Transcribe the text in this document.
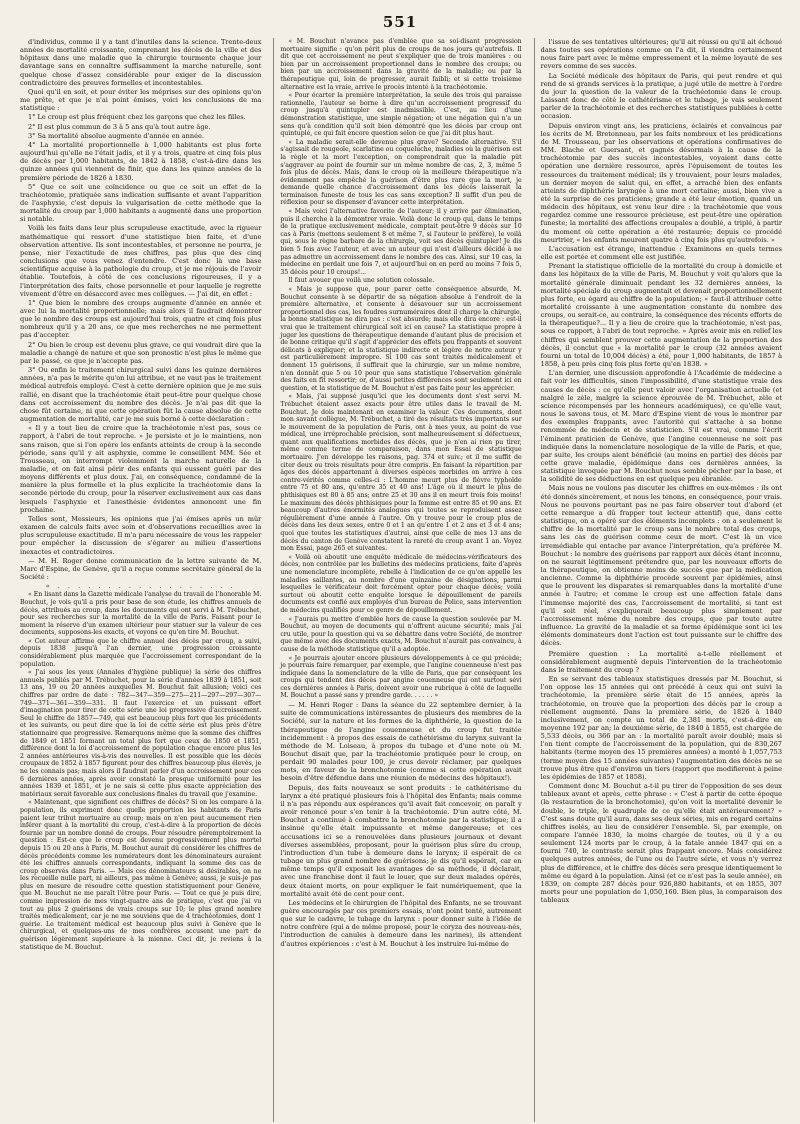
551

d'individus, comme il y a tant d'inutiles dans la science. Trente-deux années de mortalité croissante, comprenant les décès de la ville et des hôpitaux dans une maladie que la chirurgie tourmente chaque jour davantage sans en connaître suffisamment la marche naturelle, sont quelque chose d'assez considérable pour exiger de la discussion contradictoire des preuves formelles et incontestables.

Quoi qu'il en soit, et pour éviter les méprises sur des opinions qu'on me prête, et que je n'ai point émises, voici les conclusions de ma statistique :

1° Le croup est plus fréquent chez les garçons que chez les filles.

2° Il est plus commun de 3 à 5 ans qu'à tout autre âge.

3° Sa mortalité absolue augmente d'année en année.

4° La mortalité proportionnelle à 1,000 habitants est plus forte aujourd'hui qu'elle ne l'était jadis, et il y a trois, quatre et cinq fois plus de décès par 1,000 habitants, de 1842 à 1858, c'est-à-dire dans les quinze années qui viennent de finir, que dans les quinze années de la première période de 1826 à 1830.

5° Que ce soit une coïncidence ou que ce soit un effet de la trachéotomie, pratiquée sans indication suffisante et avant l'apparition de l'asphyxie, c'est depuis la vulgarisation de cette méthode que la mortalité du croup par 1,000 habitants a augmenté dans une proportion si notable.

Voilà les faits dans leur plus scrupuleuse exactitude, avec la rigueur mathématique qui ressort d'une statistique bien faite, et d'une observation attentive. Ils sont incontestables, et personne ne pourra, je pense, nier l'exactitude de mes chiffres, pas plus que des cinq conclusions que vous venez d'entendre. C'est donc là une base scientifique acquise à la pathologie du croup, et je me réjouis de l'avoir établie. Toutefois, à côté de ces conclusions rigoureuses, il y a l'interprétation des faits, chose personnelle et pour laquelle je regrette vivement d'être en désaccord avec mes collègues. — J'ai dit, en effet :

1° Que bien le nombre des croups augmente d'année en année et avec lui la mortalité proportionnelle; mais alors il faudrait démontrer que le nombre des croups est aujourd'hui trois, quatre et cinq fois plus nombreux qu'il y a 20 ans, ce que mes recherches ne me permettent pas d'accepter.

2° Ou bien le croup est devenu plus grave, ce qui voudrait dire que la maladie a changé de nature et que son pronostic n'est plus le même que par le passé, ce que je n'accepte pas.

3° Ou enfin le traitement chirurgical suivi dans les quinze dernières années, n'a pas le mérite qu'on lui attribue, et ne vaut pas le traitement médical autrefois employé. C'est à cette dernière opinion que je me suis rallié, en disant que la trachéotomie était peut-être pour quelque chose dans cet accroissement du nombre des décès. Je n'ai pas dit que la chose fût certaine, ni que cette opération fût la cause absolue de cette augmentation de mortalité, car je me suis borné à cette déclaration :

« Il y a tout lieu de croire que la trachéotomie n'est pas, sous ce rapport, à l'abri de tout reproche. » Je persiste et je le maintiens, non sans raison, que si l'on opère les enfants atteints de croup à la seconde période, sans qu'il y ait asphyxie, comme le conseillent MM. Sée et Trousseau, on interrompt violemment la marche naturelle de la maladie, et on fait ainsi périr des enfants qui eussent guéri par des moyens différents et plus doux. J'ai, en conséquence, condamné de la manière la plus formelle et la plus explicite la trachéotomie dans la seconde période du croup, pour la réserver exclusivement aux cas dans lesquels l'asphyxie et l'anesthésie évidentes annoncent une fin prochaine.

Telles sont, Messieurs, les opinions que j'ai émises après un mûr examen de calculs faits avec soin et d'observations recueillies avec la plus scrupuleuse exactitude. Il m'a paru nécessaire de vous les rappeler pour empêcher la discussion de s'égarer au milieu d'assertions inexactes et contradictoires.

— M. H. Roger donne communication de la lettre suivante de M. Marc d'Espine, de Genève, qu'il a reçue comme secrétaire général de la Société :

« . . . . . . . . . . . . . . . . . .

« En lisant dans la Gazette médicale l'analyse du travail de l'honorable M. Bouchut, je vois qu'il a pris pour base de son étude, les chiffres annuels de décès, attribués au croup, dans les documents qui ont servi à M. Trébuchet, pour ses recherches sur la mortalité de la ville de Paris. Faisant pour le moment la réserve d'un examen ultérieur pour statuer sur la valeur de ces documents, supposons-les exacts, et voyons ce qu'en tire M. Bouchut.

« Cet auteur affirme que le chiffre annuel des décès par croup, a suivi, depuis 1838 jusqu'à l'an dernier, une progression croissante considérablement plus marquée que l'accroissement correspondant de la population.

« J'ai sous les yeux (Annales d'hygiène publique) la série des chiffres annuels publiés par M. Trébuchet, pour la série d'années 1839 à 1851, soit 13 ans, 19 ou 20 années auxquelles M. Bouchut fait allusion; voici ces chiffres par ordre de date : 782—347—359—275—211—297—297—307—749—371—361—359—331. Il faut l'exercice et un puissant effort d'imagination pour tirer de cette série une loi progressive d'accroissement. Seul le chiffre de 1857—749, qui est beaucoup plus fort que les précédents et les suivants, ou peut dire que la loi de cette série est plus près d'être stationnaire que progressive. Remarquons même que la somme des chiffres de 1849 et 1851 formant un total plus fort que ceux de 1850 et 1851, différence dont la loi d'accroissement de population chaque encore plus les 2 années antérieures vis-à-vis des nouvelles. Il est possible que les décès croupaux de 1852 à 1857 figurent pour des chiffres beaucoup plus élevés, je ne les connais pas; mais alors il faudrait parler d'un accroissement pour ces 6 dernières années, après avoir constaté la presque uniformité pour les années 1839 et 1851, et je ne sais si cette plus exacte appréciation des matériaux serait favorable aux conclusions finales du travail que j'examine.

« Maintenant, que signifient ces chiffres de décès? Si on les compare à la population, ils expriment donc quelle proportion les habitants de Paris paient leur tribut mortuaire au croup; mais on n'en peut aucunement rien inférer quant à la mortalité du croup, c'est-à-dire à la proportion de décès fournie par un nombre donné de croups. Pour résoudre péremptoirement la question : Est-ce que le croup est devenu progressivement plus mortel depuis 15 ou 20 ans à Paris, M. Bouchut aurait dû considérer les chiffres de décès précédents comme les numérateurs dont les dénominateurs auraient été les chiffres annuels correspondants, indiquant la somme des cas de croup observés dans Paris. — Mais ces dénominateurs si désirables, on ne les recueille nulle part, ni ailleurs, pas même à Genève; aussi, je suis-je pas plus en mesure de résoudre cette question statistiquement pour Genève, que M. Bouchut ne me paraît l'être pour Paris. — Tout ce que je puis dire, comme impression de mes vingt-quatre ans de pratique, c'est que j'ai vu tout au plus 2 guérisons de vrais croups sur 10; le plus grand nombre traités médicalement, car je ne me souviens que de 4 trachéotomies, dont 1 guérie. Le traitement médical est beaucoup plus suivi à Genève que le chirurgical, et quelques-uns de mes confrères accusent une part de guérison légèrement supérieure à la mienne. Ceci dit, je reviens à la statistique de M. Bouchut.

« M. Bouchut n'avance pas d'emblée que sa soi-disant progression mortuaire signifie : qu'on périt plus de croups de nos jours qu'autrefois. Il dit que cet accroissement ne peut s'expliquer que de trois manières : ou bien par un accroissement proportionnel dans le nombre des croups; ou bien par un accroissement dans la gravité de la maladie; ou par la thérapeutique qui, loin de progresser, aurait faibli; et si cette troisième alternative est la vraie, arrive le procès intenté à la trachéotomie.

« Pour écarter la première interprétation, la seule des trois qui paraisse rationnelle, l'auteur se borne à dire qu'un accroissement progressif du croup jusqu'à quintupler est inadmissible. C'est, au lieu d'une démonstration statistique, une simple négation; et une négation qui n'a un sens qu'à condition qu'il soit bien démontré que les décès par croup ont quintuplé, ce qui fait encore question selon ce que j'ai dit plus haut.

« La maladie serait-elle devenue plus grave? Seconde alternative. S'il s'agissait de rougeole, scarlatine ou coqueluche, maladies où la guérison est la règle et la mort l'exception, on comprendrait que la maladie pût s'aggraver au point de fournir sur un même nombre de cas, 2, 3, même 5 fois plus de décès. Mais, dans le croup où la meilleure thérapeutique n'a évidemment pas empêché la guérison d'être plus rare que la mort, je demande quelle chance d'accroissement dans les décès laisserait la terminaison funeste de tous les cas sans exception? Il suffit d'un peu de réflexion pour se dispenser d'avancer cette interprétation.

« Mais voici l'alternative favorite de l'auteur; il y arrive par élimination, puis il cherche à la démontrer vraie. Voilà donc le croup qui, dans le temps de la pratique exclusivement médicale, comptait peut-être 9 décès sur 10 cas à Paris (mettons seulement 8 et même 7, si l'auteur le préfère), le voilà qui, sous le règne barbare de la chirurgie, voit ses décès quintupler! Je dis bien 5 fois avec l'auteur, et avec un auteur qui n'est d'ailleurs décidé à ne pas admettre un accroissement dans le nombre des cas. Ainsi, sur 10 cas, la médecine en perdait une fois 7, et aujourd'hui on en perd au moins 7 fois 5, 35 décès pour 10 croups!...

Il faut avouer que voilà une solution colossale.

« Mais je suppose que, pour parer cette conséquence absurde, M. Bouchut consente à se départir de sa négation absolue à l'endroit de la première alternative, et consente à désavouer sur un accroissement proportionnel des cas, les foudres surnuméraires dont il charge la chirurgie, la bonne statistique ne dira pas : c'est absurde; mais elle dira encore : est-il vrai que le traitement chirurgical soit ici en cause? La statistique propre à juger les questions de thérapeutique demande d'autant plus de précision et de bonne critique qu'il s'agit d'apprécier des effets peu frappants et souvent délicats à expliquer; et la statistique indirecte et légère de notre auteur y est particulièrement impropre. Si 100 cas sont traités médicalement et donnent 15 guérisons, il suffirait que la chirurgie, sur un même nombre, n'en donnât que 5 ou 10 pour que sans statistique l'observation générale des faits en fît ressortir; or, d'aussi petites différences sont seulement ici en question, et la statistique de M. Bouchut n'est pas faite pour les apprécier.

« Mais, j'ai supposé jusqu'ici que les documents dont s'est servi M. Trébuchet étaient assez exacts pour être utiles dans le travail de M. Bouchut. Je dois maintenant en examiner la valeur. Ces documents, dont mon savant collègue, M. Trébuchet, a tiré des résultats très importants sur le mouvement de la population de Paris, ont à mes yeux, au point de vue médical, une irréprochable précision, sont malheureusement si défectueux, quant aux qualifications morbides des décès, que je n'en ai rien pu tirer, même comme terme de comparaison, dans mon Essai de statistique mortuaire. J'en développe les raisons, pag. 374 et suiv.; et il me suffit de citer deux ou trois résultats pour être compris. En faisant la répartition par âges des décès appartenant à diverses espèces morbides on arrive à ces contre-vérités comme celles-ci : L'homme meurt plus de fièvre typhoïde entre 75 et 80 ans, qu'entre 35 et 40 ans! L'âge où il meurt le plus de phthisiques est 80 à 85 ans; entre 25 et 30 ans il en meurt trois fois moins! Le maximum des décès phthisiques pour la femme est entre 85 et 90 ans. Et beaucoup d'autres énormités analogues qui toutes se reproduisent assez régulièrement d'une année à l'autre. On y trouve pour le croup plus de décès dans les deux sexes, entre 0 et 1 an qu'entre 1 et 2 ans et 3 et 4 ans; quoi que toutes les statistiques d'autrui, ainsi que celle de mes 13 ans de décès du canton de Genève constatent la rareté du croup avant 1 an. Voyez mon Essai, page 265 et suivantes.

« Voilà où aboutit une enquête médicale de médecins-vérificateurs des décès, non contrôlée par les bulletins des médecins praticiens, faite d'après une nomenclature incomplète, rebelle à l'indication de ce qu'on appelle les maladies saillantes, au nombre d'une quinzaine de désignations, parmi lesquelles le vérificateur doit forcément opter pour chaque décès; voilà surtout où aboutit cette enquête lorsque le dépouillement de pareils documents est confié aux employés d'un bureau de Police, sans intervention de médecins qualifiés pour ce genre de dépouillement.

« J'aurais pu mettre d'emblée hors de cause la question soulevée par M. Bouchut, au moyen de documents qui n'offrent aucune sécurité; mais j'ai cru utile, pour la question qui va se débattre dans votre Société, de montrer que même avec des documents exacts, M. Bouchut n'aurait pas convaincu, à cause de la méthode statistique qu'il a adoptée.

« Je pourrais ajouter encore plusieurs développements à ce qui précède; je pourrais faire remarquer, par exemple, que l'angine couenneuse n'est pas indiquée dans la nomenclature de la ville de Paris, que par conséquent les croups qui tendent des décès par angine couenneuse qui ont surtout sévi ces dernières années à Paris, doivent avoir une rubrique à côté de laquelle M. Bouchut a passé sans y prendre garde. . . . . . »

— M. Henri Roger : Dans la séance du 22 septembre dernier, à la suite de communications intéressantes de plusieurs des membres de la Société, sur la nature et les formes de la diphthérie, la question de la thérapeutique de l'angine couenneuse et du croup fut traitée incidemment : à propos des essais de cathétérisme du larynx suivant la méthode de M. Loiseau, à propos du tubage et d'une note où M. Bouchut disait que, par la trachéotomie pratiquée pour le croup, on perdait 90 malades pour 100, je crus devoir réclamer, par quelques mots, en faveur de la bronchotomie (comme si cette opération avait besoin d'être défendue dans une réunion de médecins des hôpitaux!).

Depuis, des faits nouveaux se sont produits : le cathétérisme du larynx a été pratiqué plusieurs fois à l'hôpital des Enfants; mais comme il n'a pas répondu aux espérances qu'il avait fait concevoir, on paraît y avoir renoncé pour s'en tenir à la trachéotomie. D'un autre côté, M. Bouchut a continué à combattre la bronchotomie par la statistique; il a insinué qu'elle était impuissante et même dangereuse; et ces accusations ici se a renouvelées dans plusieurs journaux et devant diverses assemblées, proposant, pour la guérison plus sûre du croup, l'introduction d'un tube à demeure dans le larynx; il espérait de ce tubage un plus grand nombre de guérisons; je dis qu'il espérait, car en même temps qu'il exposait les avantages de sa méthode, il déclarait, avec une franchise dont il faut le louer, que sur deux malades opérés, deux étaient morts, on pour expliquer le fait numériquement, que la mortalité avait été de cent pour cent.

Les médecins et le chirurgien de l'hôpital des Enfants, ne se trouvant guère encouragés par ces premiers essais, n'ont point tenté, autrement que sur le cadavre, le tubage du larynx : pour donner suite à l'idée de notre confrère (qui a de même proposé, pour le coryza des nouveau-nés, l'introduction de canules à demeure dans les narines), ils attendent d'autres expériences : c'est à M. Bouchut à les instruire lui-même de

l'issue de ses tentatives ultérieures; qu'il ait réussi ou qu'il ait échoué dans toutes ses opérations comme on l'a dit, il viendra certainement nous faire part avec le même empressement et la même loyauté de ses revers comme de ses succès.

La Société médicale des hôpitaux de Paris, qui peut rendre et qui rend de si grands services à la pratique, a jugé utile de mettre à l'ordre du jour la question de la valeur de la trachéotomie dans le croup. Laissant donc de côté le cathétérisme et le tubage, je vais seulement parler de la trachéotomie et des recherches statistiques publiées à cette occasion.

Depuis environ vingt ans, les praticiens, éclairés et convaincus par les écrits de M. Bretonneau, par les faits nombreux et les prédications de M. Trousseau, par les observations et opérations confirmatives de MM. Blache et Guersant, et gagnés désormais à la cause de la trachéotomie par des succès incontestables, voyaient dans cette opération une dernière ressource, après l'épuisement de toutes les ressources du traitement médical; ils y trouvaient, pour leurs malades, un dernier moyen de salut qui, en effet, a arraché bien des enfants atteints de diphthérie laryngée à une mort certaine; aussi, bien vive a été la surprise de ces praticiens; grande a été leur émotion, quand un médecin des hôpitaux, est venu leur dire : la trachéotomie que vous regardez comme une ressource précieuse, est peut-être une opération funeste; la mortalité des affections croupales a doublé, a triplé, à partir du moment où cette opération a été restaurée; depuis ce procédé meurtrier, « les enfants meurent quatre à cinq fois plus qu'autrefois. »

L'accusation est étrange, inattendue : Examinons en quels termes elle est portée et comment elle est justifiée.

Prenant la statistique officielle de la mortalité du croup à domicile et dans les hôpitaux de la ville de Paris, M. Bouchut y voit qu'alors que la mortalité générale diminuait pendant les 32 dernières années, la mortalité spéciale du croup augmentait et devenait proportionnellement plus forte, eu égard au chiffre de la population; « faut-il attribuer cette mortalité croissante à une augmentation constante du nombre des croups, ou serait-ce, au contraire, la conséquence des récents efforts de la thérapeutique?... Il y a lieu de croire que la trachéotomie, n'est pas, sous ce rapport, à l'abri de tout reproche. » Après avoir mis en relief les chiffres qui semblent prouver cette augmentation de la proportion des décès, il conclut que « la mortalité par le croup (32 années avaient fourni un total de 10,004 décès) a été, pour 1,000 habitants, de 1857 à 1858, à peu près cinq fois plus forte qu'en 1838. »

L'an dernier, une discussion approfondie à l'Académie de médecine a fait voir les difficultés, sinon l'impossibilité, d'une statistique vraie des causes de décès : ce qu'elle peut valoir avec l'organisation actuelle (et malgré le zèle, malgré la science éprouvée de M. Trébuchet, zèle et science récompensés par les honneurs académiques), ce qu'elle vaut, nous le savons tous, et M. Marc d'Espine vient de vous le montrer par des exemples frappants, avec l'autorité qui s'attache à sa bonne renommée de médecin et de statisticien. S'il est vrai, comme l'écrit l'éminent praticien de Genève, que l'angine couenneuse ne soit pas indiquée dans la nomenclature nosologique de la ville de Paris, et que, par suite, les croups aient bénéficié (au moins en partie) des décès par cette grave maladie, épidémique dans ces dernières années, la statistique invoquée par M. Bouchut nous semble pécher par la base, et la solidité de ses déductions en est quelque peu ébranlée.

Mais nous ne voulons pas discuter les chiffres en eux-mêmes : ils ont été donnés sincèrement, et nous les tenons, en conséquence, pour vrais. Nous ne pouvons pourtant pas ne pas faire observer tout d'abord (et cette remarque a dû frapper tout lecteur attentif) que, dans cette statistique, on a opéré sur des éléments incomplets : on a seulement le chiffre de la mortalité par le croup sans le nombre total des croups, sans les cas de guérison comme ceux de mort. C'est là un vice irremédiable qui entache par avance l'interprétation, qu'a préférée M. Bouchut : le nombre des guérisons par rapport aux décès étant inconnu, on ne saurait légitimement prétendre que, par les nouveaux efforts de la thérapeutique, on obtienne moins de succès que par la médication ancienne. Comme la diphthérie procède souvent par épidémies, ainsi que le prouvent les disparates si remarquables dans la mortalité d'une année à l'autre; et comme le croup est une affection fatale dans l'immense majorité des cas, l'accroissement de mortalité, si tant est qu'il soit réel, s'expliquerait beaucoup plus simplement par l'accroissement même du nombre des croups, que par toute autre influence. La gravité de la maladie et sa forme épidémique sont ici les éléments dominateurs dont l'action est tout puissante sur le chiffre des décès.

Première question : La mortalité a-t-elle réellement et considérablement augmenté depuis l'intervention de la trachéotomie dans le traitement du croup ?

En se servant des tableaux statistiques dressés par M. Bouchut, si l'on oppose les 15 années qui ont précédé à ceux qui ont suivi la trachéotomie, la première série était de 15 années, après la trachéotomie, on trouve que la proportion des décès par le croup a réellement augmenté. Dans la première série, de 1826 à 1840 inclusivement, on compte un total de 2,381 morts, c'est-à-dire en moyenne 192 par an; la deuxième série, de 1840 à 1855, est chargée de 5,533 décès, ou 366 par an : la mortalité paraît avoir doublé; mais si l'on tient compte de l'accroissement de la population, qui de 830,267 habitants (terme moyen des 15 premières années) a monté à 1,057,753 (terme moyen des 15 années suivantes) l'augmentation des décès ne se trouve plus être que d'environ un tiers (rapport que modifieront à peine les épidémies de 1857 et 1858).

Comment donc M. Bouchut a-t-il pu tirer de l'opposition de ses deux tableaux avant et après, cette phrase : « C'est à partir de cette époque (la restauration de la bronchotomie), qu'on voit la mortalité devenir le double, le triple, le quadruple de ce qu'elle était antérieurement? » C'est sans doute qu'il aura, dans ses deux séries, mis en regard certains chiffres isolés, au lieu de considérer l'ensemble. Si, par exemple, on compare l'année 1830, la moins chargée de toutes, où il y a eu seulement 124 morts par le croup, à la fatale année 1847 qui en a fourni 740, le contraste serait plus frappant encore. Mais considérez quelques autres années, de l'une ou de l'autre série, et vous n'y verrez plus de différence, et le chiffre des décès sera presque identiquement le même eu égard à la population. Ainsi (et ce n'est pas la seule année), en 1839, on compte 287 décès pour 926,880 habitants, et en 1855, 307 morts pour une population de 1,050,160. Bien plus, la comparaison des tableaux
